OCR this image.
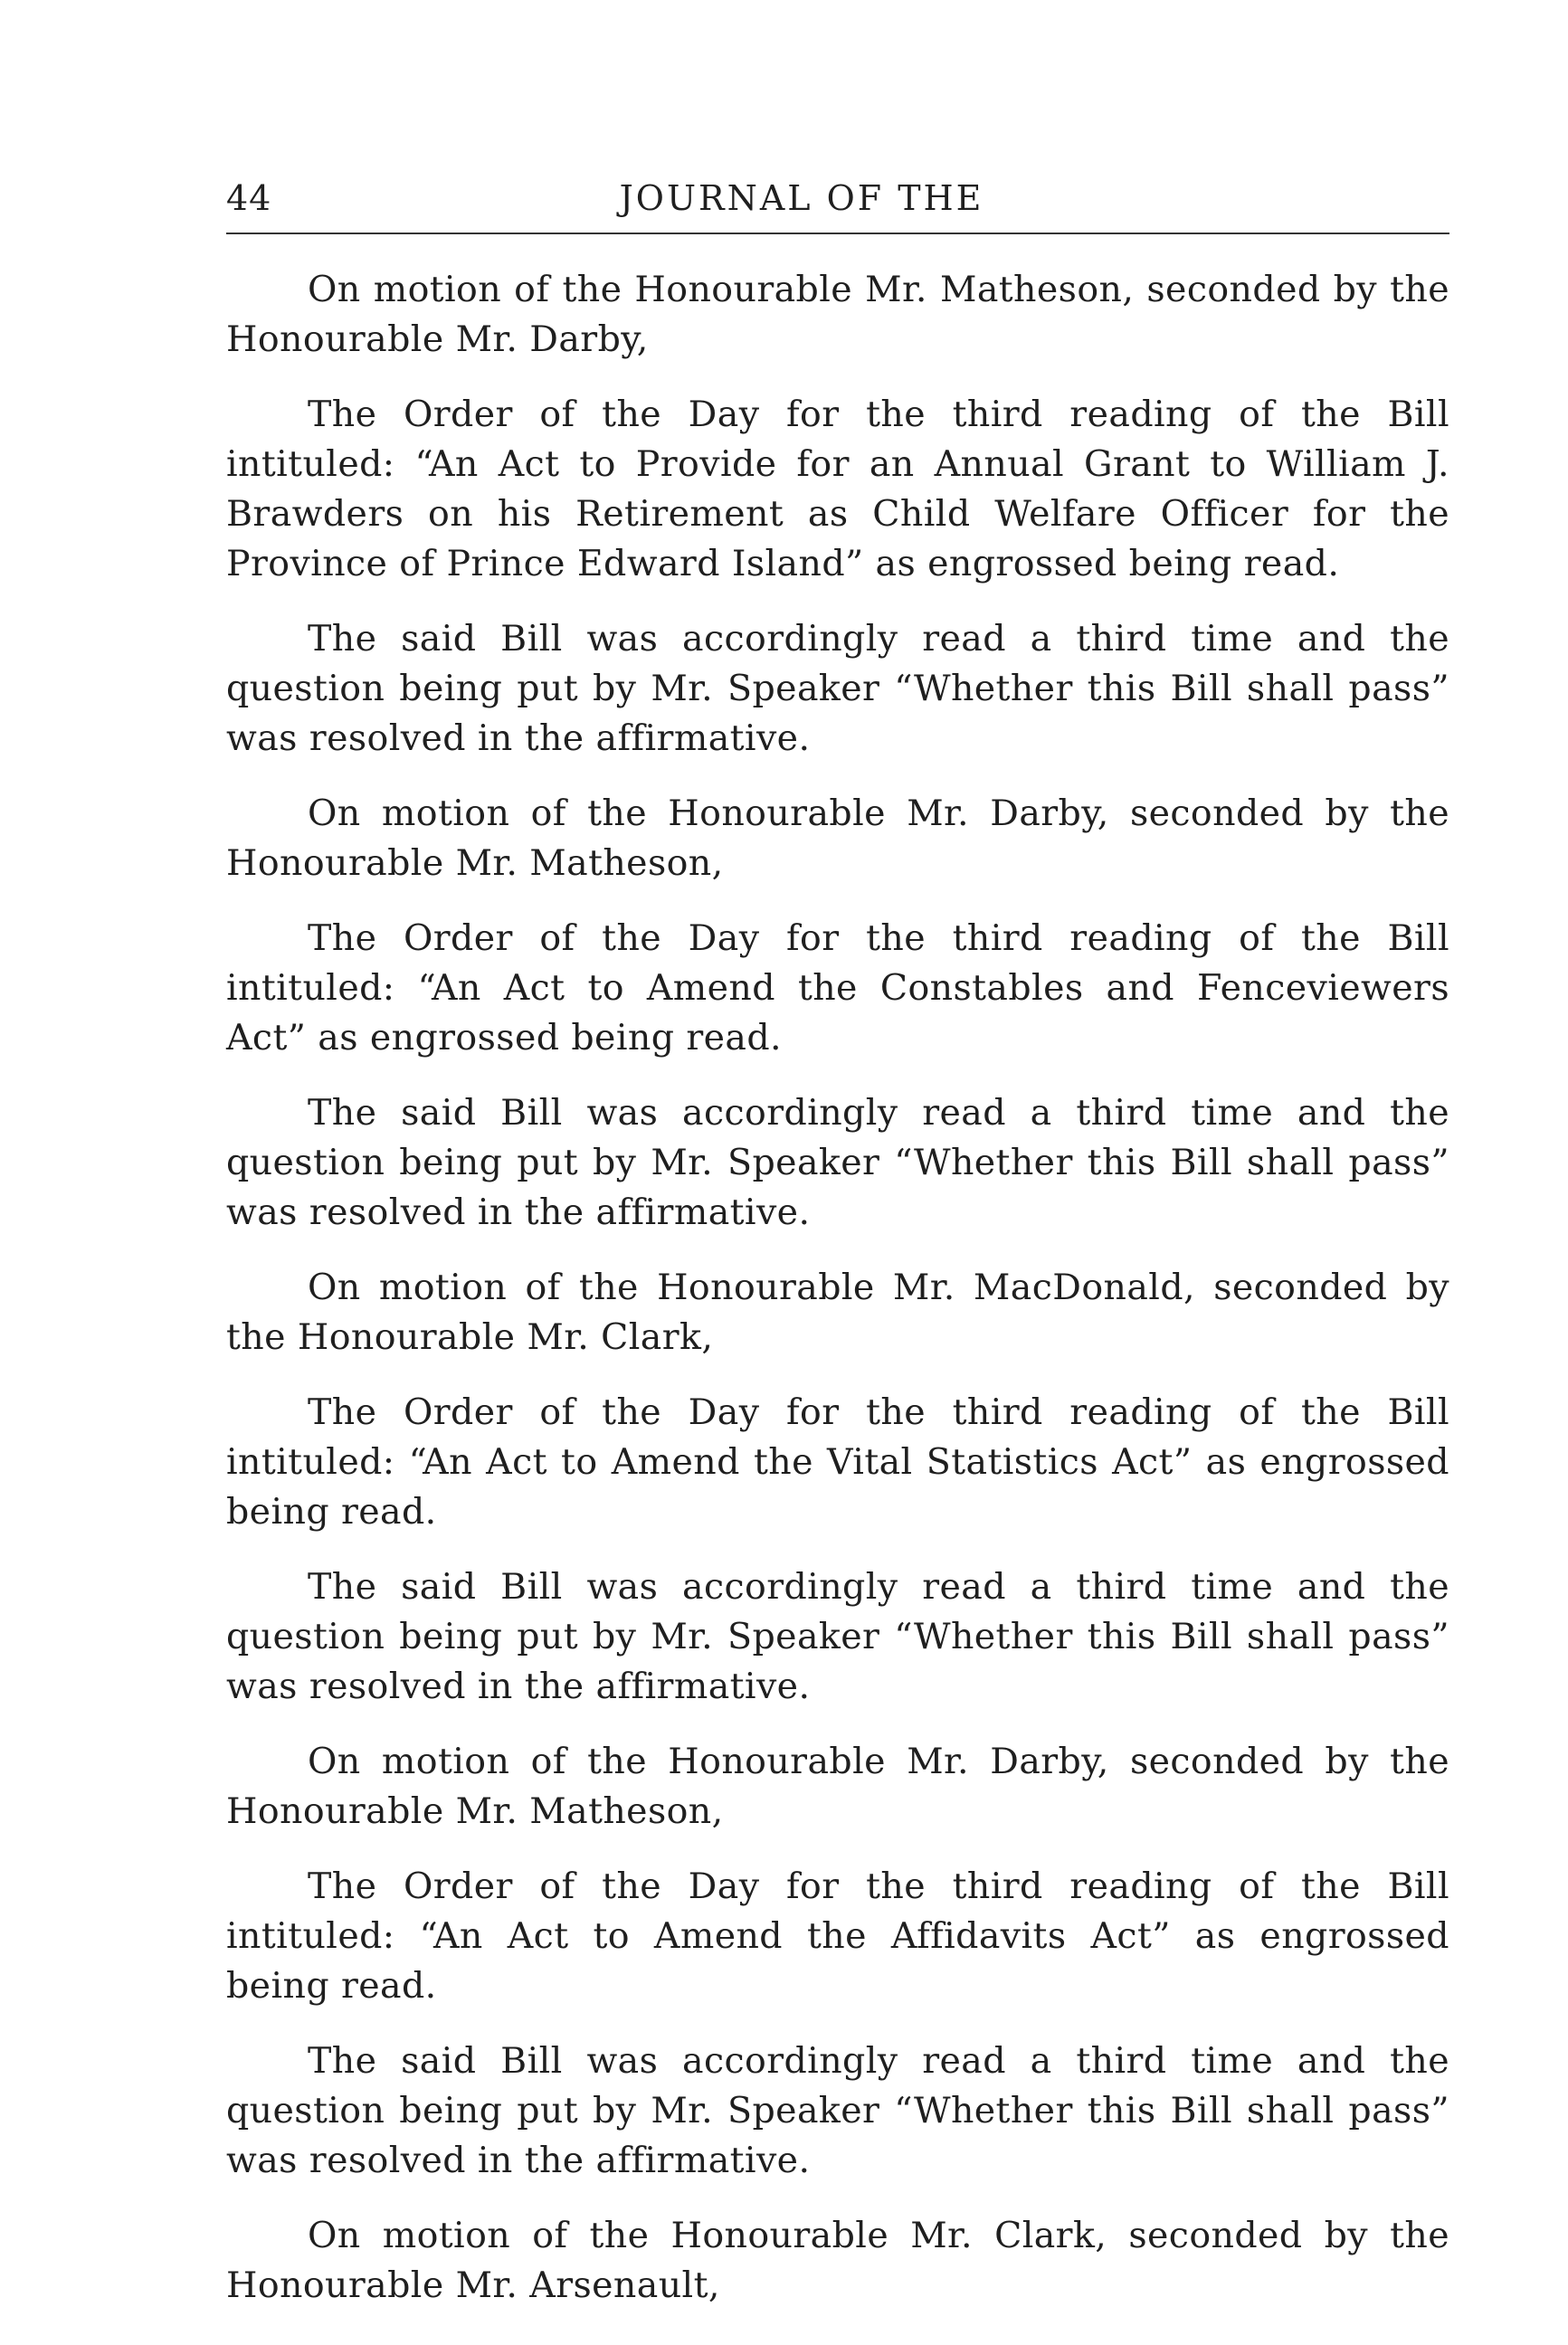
44	JOURNAL OF THE

On motion of the Honourable Mr. Matheson, seconded by the Honourable Mr. Darby,

The Order of the Day for the third reading of the Bill intituled: “An Act to Provide for an Annual Grant to William J. Brawders on his Retirement as Child Welfare Officer for the Province of Prince Edward Island” as engrossed being read.

The said Bill was accordingly read a third time and the question being put by Mr. Speaker “Whether this Bill shall pass” was resolved in the affirmative.

On motion of the Honourable Mr. Darby, seconded by the Honourable Mr. Matheson,

The Order of the Day for the third reading of the Bill intituled: “An Act to Amend the Constables and Fenceviewers Act” as engrossed being read.

The said Bill was accordingly read a third time and the question being put by Mr. Speaker “Whether this Bill shall pass” was resolved in the affirmative.

On motion of the Honourable Mr. MacDonald, seconded by the Honourable Mr. Clark,

The Order of the Day for the third reading of the Bill intituled: “An Act to Amend the Vital Statistics Act” as engrossed being read.

The said Bill was accordingly read a third time and the question being put by Mr. Speaker “Whether this Bill shall pass” was resolved in the affirmative.

On motion of the Honourable Mr. Darby, seconded by the Honourable Mr. Matheson,

The Order of the Day for the third reading of the Bill intituled: “An Act to Amend the Affidavits Act” as engrossed being read.

The said Bill was accordingly read a third time and the question being put by Mr. Speaker “Whether this Bill shall pass” was resolved in the affirmative.

On motion of the Honourable Mr. Clark, seconded by the Honourable Mr. Arsenault,
